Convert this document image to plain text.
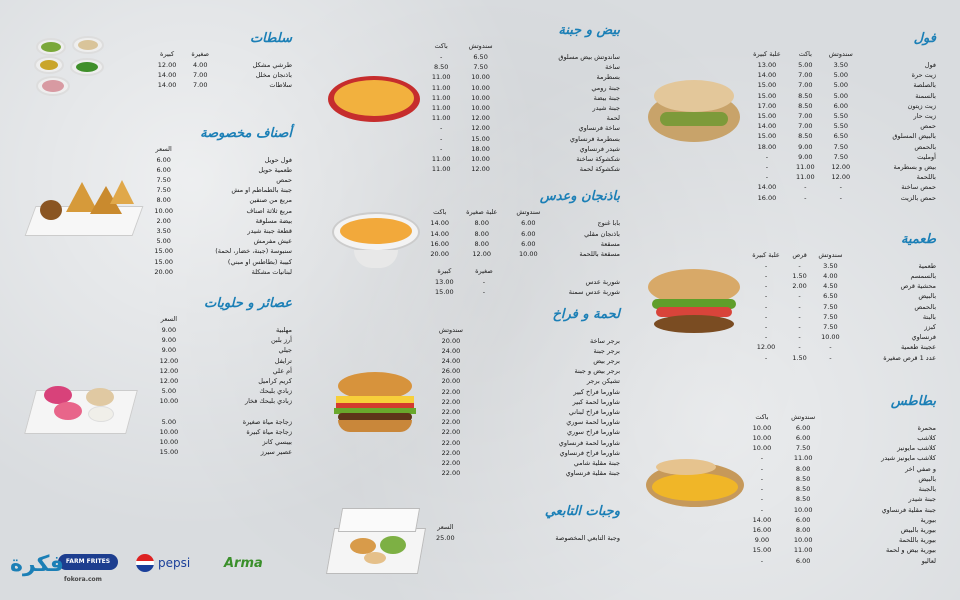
فول
	سندوتش	باكت	علبة كبيرة
فول	3.50	5.00	13.00
زيت حرة	5.00	7.00	14.00
بالصلصة	5.00	7.00	15.00
بالسمنة	5.00	8.50	15.00
زيت زيتون	6.00	8.50	17.00
زيت حار	5.50	7.00	15.00
حمص	5.50	7.00	14.00
بالبيض المسلوق	6.50	8.50	15.00
بالحمص	7.50	9.00	18.00
أومليت	7.50	9.00	-
بيض و بسطرمة	12.00	11.00	-
باللحمة	12.00	11.00	-
حمص ساخنة	-	-	14.00
حمص بالزيت	-	-	16.00
طعمية
	سندوتش	قرص	علبة كبيرة
طعمية	3.50	-	-
بالسمسم	4.00	1.50	-
محشية قرص	4.50	2.00	-
بالبيض	6.50	-	-
بالحمص	7.50	-	-
بالبتة	7.50	-	-
كبزز	7.50	-	-
فرنساوي	10.00	-	-
عجينة طعمية	-	-	12.00
عدد 1 قرص صغيرة	-	1.50	-
بطاطس
	سندوتش	باكت
محمرة	6.00	10.00
كلاشب	6.00	10.00
كلاشب مايونيز	7.50	10.00
كلاشب مايونيز شيدر	11.00	-
و صفي اخر	8.00	-
بالبيض	8.50	-
بالجبنة	8.50	-
جبنة شيدر	8.50	-
جبنة مقلية فرنساوي	10.00	-
بيورية	6.00	14.00
بيورية بالبيض	8.00	16.00
بيورية باللحمة	10.00	9.00
بيورية بيض و لحمة	11.00	15.00
لعاليو	6.00	-
بيض و جبنة
	سندوتش	باكت
ساندوتش بيض مسلوق	6.50	-
ساخة	7.50	8.50
بسطرمة	10.00	11.00
جبنة رومي	10.00	11.00
جبنة بيضة	10.00	11.00
جبنة شيدر	10.00	11.00
لحمة	12.00	11.00
ساخة فرنساوي	12.00	-
بسطرمة فرنساوي	15.00	-
شيدر فرنساوي	18.00	-
شكشوكة ساخنة	10.00	11.00
شكشوكة لحمة	12.00	11.00
باذنجان وعدس
	سندوتش	علبة صغيرة	باكت
بابا غنوج	6.00	8.00	14.00
باذنجان مقلي	6.00	8.00	14.00
مسقعة	6.00	8.00	16.00
مسقعة باللحمة	10.00	12.00	20.00
	صغيرة	كبيرة
شوربة عدس	-	13.00
شوربة عدس سمنة	-	15.00
لحمة و فراخ
	سندوتش
برجر ساخة	20.00
برجر جبنة	24.00
برجر بيض	24.00
برجر بيض و جبنة	26.00
تشيكن برجر	20.00
شاورما فراخ كبير	22.00
شاورما لحمة كبير	22.00
شاورما فراخ لبناني	22.00
شاورما لحمة سوري	22.00
شاورما فراخ سوري	22.00
شاورما لحمة فرنساوي	22.00
شاورما فراخ فرنساوي	22.00
جبنة مقلية شامي	22.00
جبنة مقلية فرنساوي	22.00
وجبات التابعي
	السعر
وجبة التابعي المخصوصة	25.00
سلطات
	صغيرة	كبيرة
طرشي مشكل	4.00	12.00
باذنجان مخلل	7.00	14.00
سلاطات	7.00	14.00
أصناف مخصوصة
	السعر
فول حويل	6.00
طعمية حويل	6.00
حمص	7.50
جبنة بالطماطم او مش	7.50
مربع من صنفين	8.00
مربع ثلاثة اصناف	10.00
بيضة مسلوقة	2.00
قطعة جبنة شيدر	3.50
عيش مفرمش	5.00
سنبوسة (جبنة، خضار، لحمة)	15.00
كبيبة (بطاطس او مبني)	15.00
لبنانيات مشكلة	20.00
عصائر و حلويات
	السعر
مهلبية	9.00
أرز بلبن	9.00
جيلي	9.00
ترايفل	12.00
أم علي	12.00
كريم كراميل	12.00
زبادي بلبحك	5.00
زبادي بلبحك فخار	10.00

زجاجة مياة صغيرة	5.00
زجاجة مياة كبيرة	10.00
بيبسي كانز	10.00
عصير سيرز	15.00
FARM FRITES
فكرة
fokora.com
pepsi	Arma
